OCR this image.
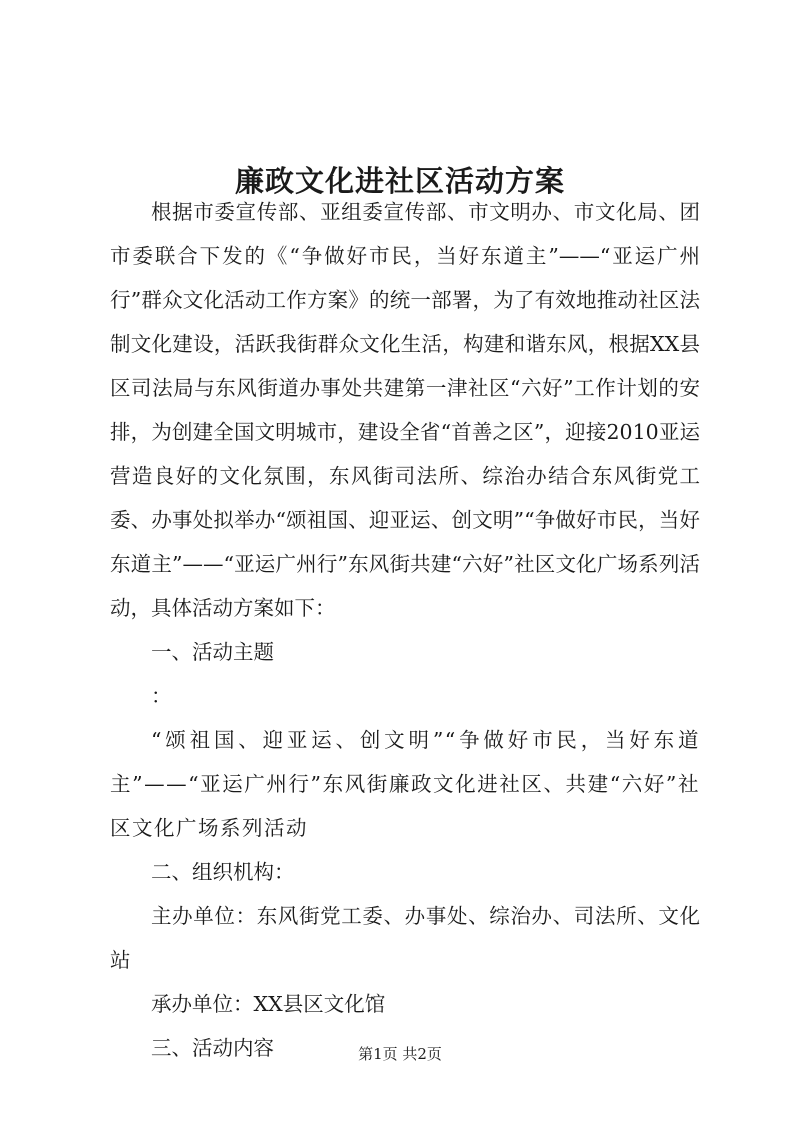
廉政文化进社区活动方案

根据市委宣传部、亚组委宣传部、市文明办、市文化局、团市委联合下发的《“争做好市民，当好东道主”——“亚运广州行”群众文化活动工作方案》的统一部署，为了有效地推动社区法制文化建设，活跃我街群众文化生活，构建和谐东风，根据XX县区司法局与东风街道办事处共建第一津社区“六好”工作计划的安排，为创建全国文明城市，建设全省“首善之区”，迎接2010亚运营造良好的文化氛围，东风街司法所、综治办结合东风街党工委、办事处拟举办“颂祖国、迎亚运、创文明”“争做好市民，当好东道主”——“亚运广州行”东风街共建“六好”社区文化广场系列活动，具体活动方案如下：

一、活动主题

：

“颂祖国、迎亚运、创文明”“争做好市民，当好东道主”——“亚运广州行”东风街廉政文化进社区、共建“六好”社区文化广场系列活动

二、组织机构：

主办单位：东风街党工委、办事处、综治办、司法所、文化站

承办单位：XX县区文化馆

三、活动内容	第1页 共2页
